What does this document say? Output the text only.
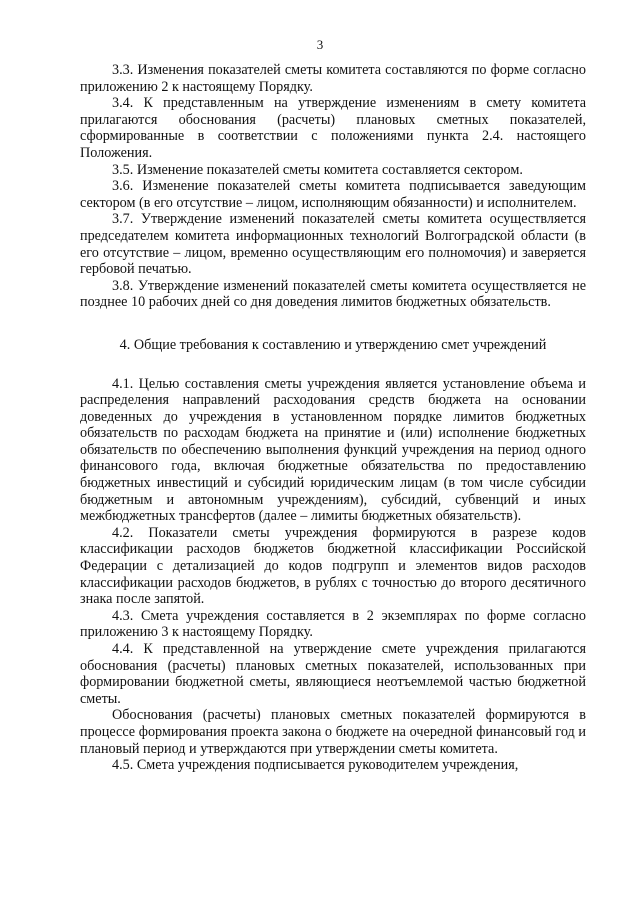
3

3.3. Изменения показателей сметы комитета составляются по форме согласно приложению 2 к настоящему Порядку.

3.4. К представленным на утверждение изменениям в смету комитета прилагаются обоснования (расчеты) плановых сметных показателей, сформированные в соответствии с положениями пункта 2.4. настоящего Положения.

3.5. Изменение показателей сметы комитета составляется сектором.

3.6. Изменение показателей сметы комитета подписывается заведующим сектором (в его отсутствие – лицом, исполняющим обязанности) и исполнителем.

3.7. Утверждение изменений показателей сметы комитета осуществляется председателем комитета информационных технологий Волгоградской области (в его отсутствие – лицом, временно осуществляющим его полномочия) и заверяется гербовой печатью.

3.8. Утверждение изменений показателей сметы комитета осуществляется не позднее 10 рабочих дней со дня доведения лимитов бюджетных обязательств.

4. Общие требования к составлению и утверждению смет учреждений

4.1. Целью составления сметы учреждения является установление объема и распределения направлений расходования средств бюджета на основании доведенных до учреждения в установленном порядке лимитов бюджетных обязательств по расходам бюджета на принятие и (или) исполнение бюджетных обязательств по обеспечению выполнения функций учреждения на период одного финансового года, включая бюджетные обязательства по предоставлению бюджетных инвестиций и субсидий юридическим лицам (в том числе субсидии бюджетным и автономным учреждениям), субсидий, субвенций и иных межбюджетных трансфертов (далее – лимиты бюджетных обязательств).

4.2. Показатели сметы учреждения формируются в разрезе кодов классификации расходов бюджетов бюджетной классификации Российской Федерации с детализацией до кодов подгрупп и элементов видов расходов классификации расходов бюджетов, в рублях с точностью до второго десятичного знака после запятой.

4.3. Смета учреждения составляется в 2 экземплярах по форме согласно приложению 3 к настоящему Порядку.

4.4. К представленной на утверждение смете учреждения прилагаются обоснования (расчеты) плановых сметных показателей, использованных при формировании бюджетной сметы, являющиеся неотъемлемой частью бюджетной сметы.

Обоснования (расчеты) плановых сметных показателей формируются в процессе формирования проекта закона о бюджете на очередной финансовый год и плановый период и утверждаются при утверждении сметы комитета.

4.5. Смета учреждения подписывается руководителем учреждения,
